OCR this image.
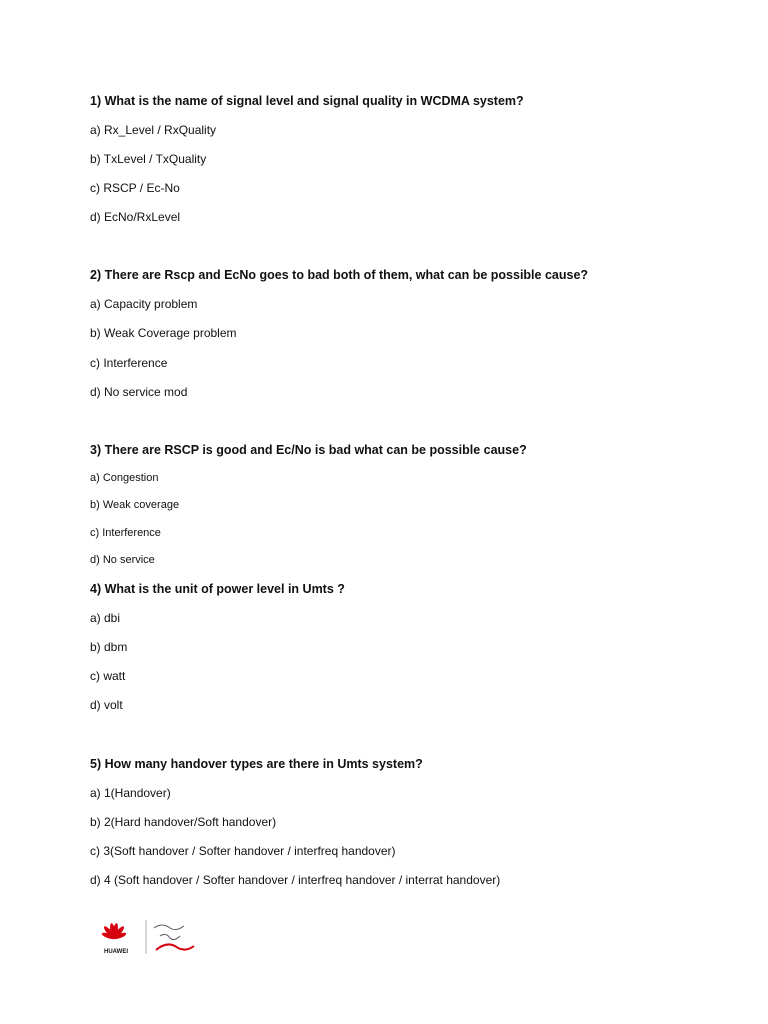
1) What is the name of signal level and signal quality in WCDMA system?
a) Rx_Level / RxQuality
b) TxLevel / TxQuality
c) RSCP / Ec-No
d) EcNo/RxLevel
2) There are Rscp and EcNo goes to bad both of them, what can be possible cause?
a) Capacity problem
b) Weak Coverage problem
c) Interference
d) No service mod
3) There are RSCP is good and Ec/No is bad what can be possible cause?
a) Congestion
b) Weak coverage
c) Interference
d) No service
4) What is the unit of power level in Umts ?
a) dbi
b) dbm
c) watt
d) volt
5) How many handover types are there in Umts system?
a) 1(Handover)
b) 2(Hard handover/Soft handover)
c) 3(Soft handover / Softer handover / interfreq handover)
d) 4 (Soft handover / Softer handover / interfreq handover / interrat handover)
HUAWEI
